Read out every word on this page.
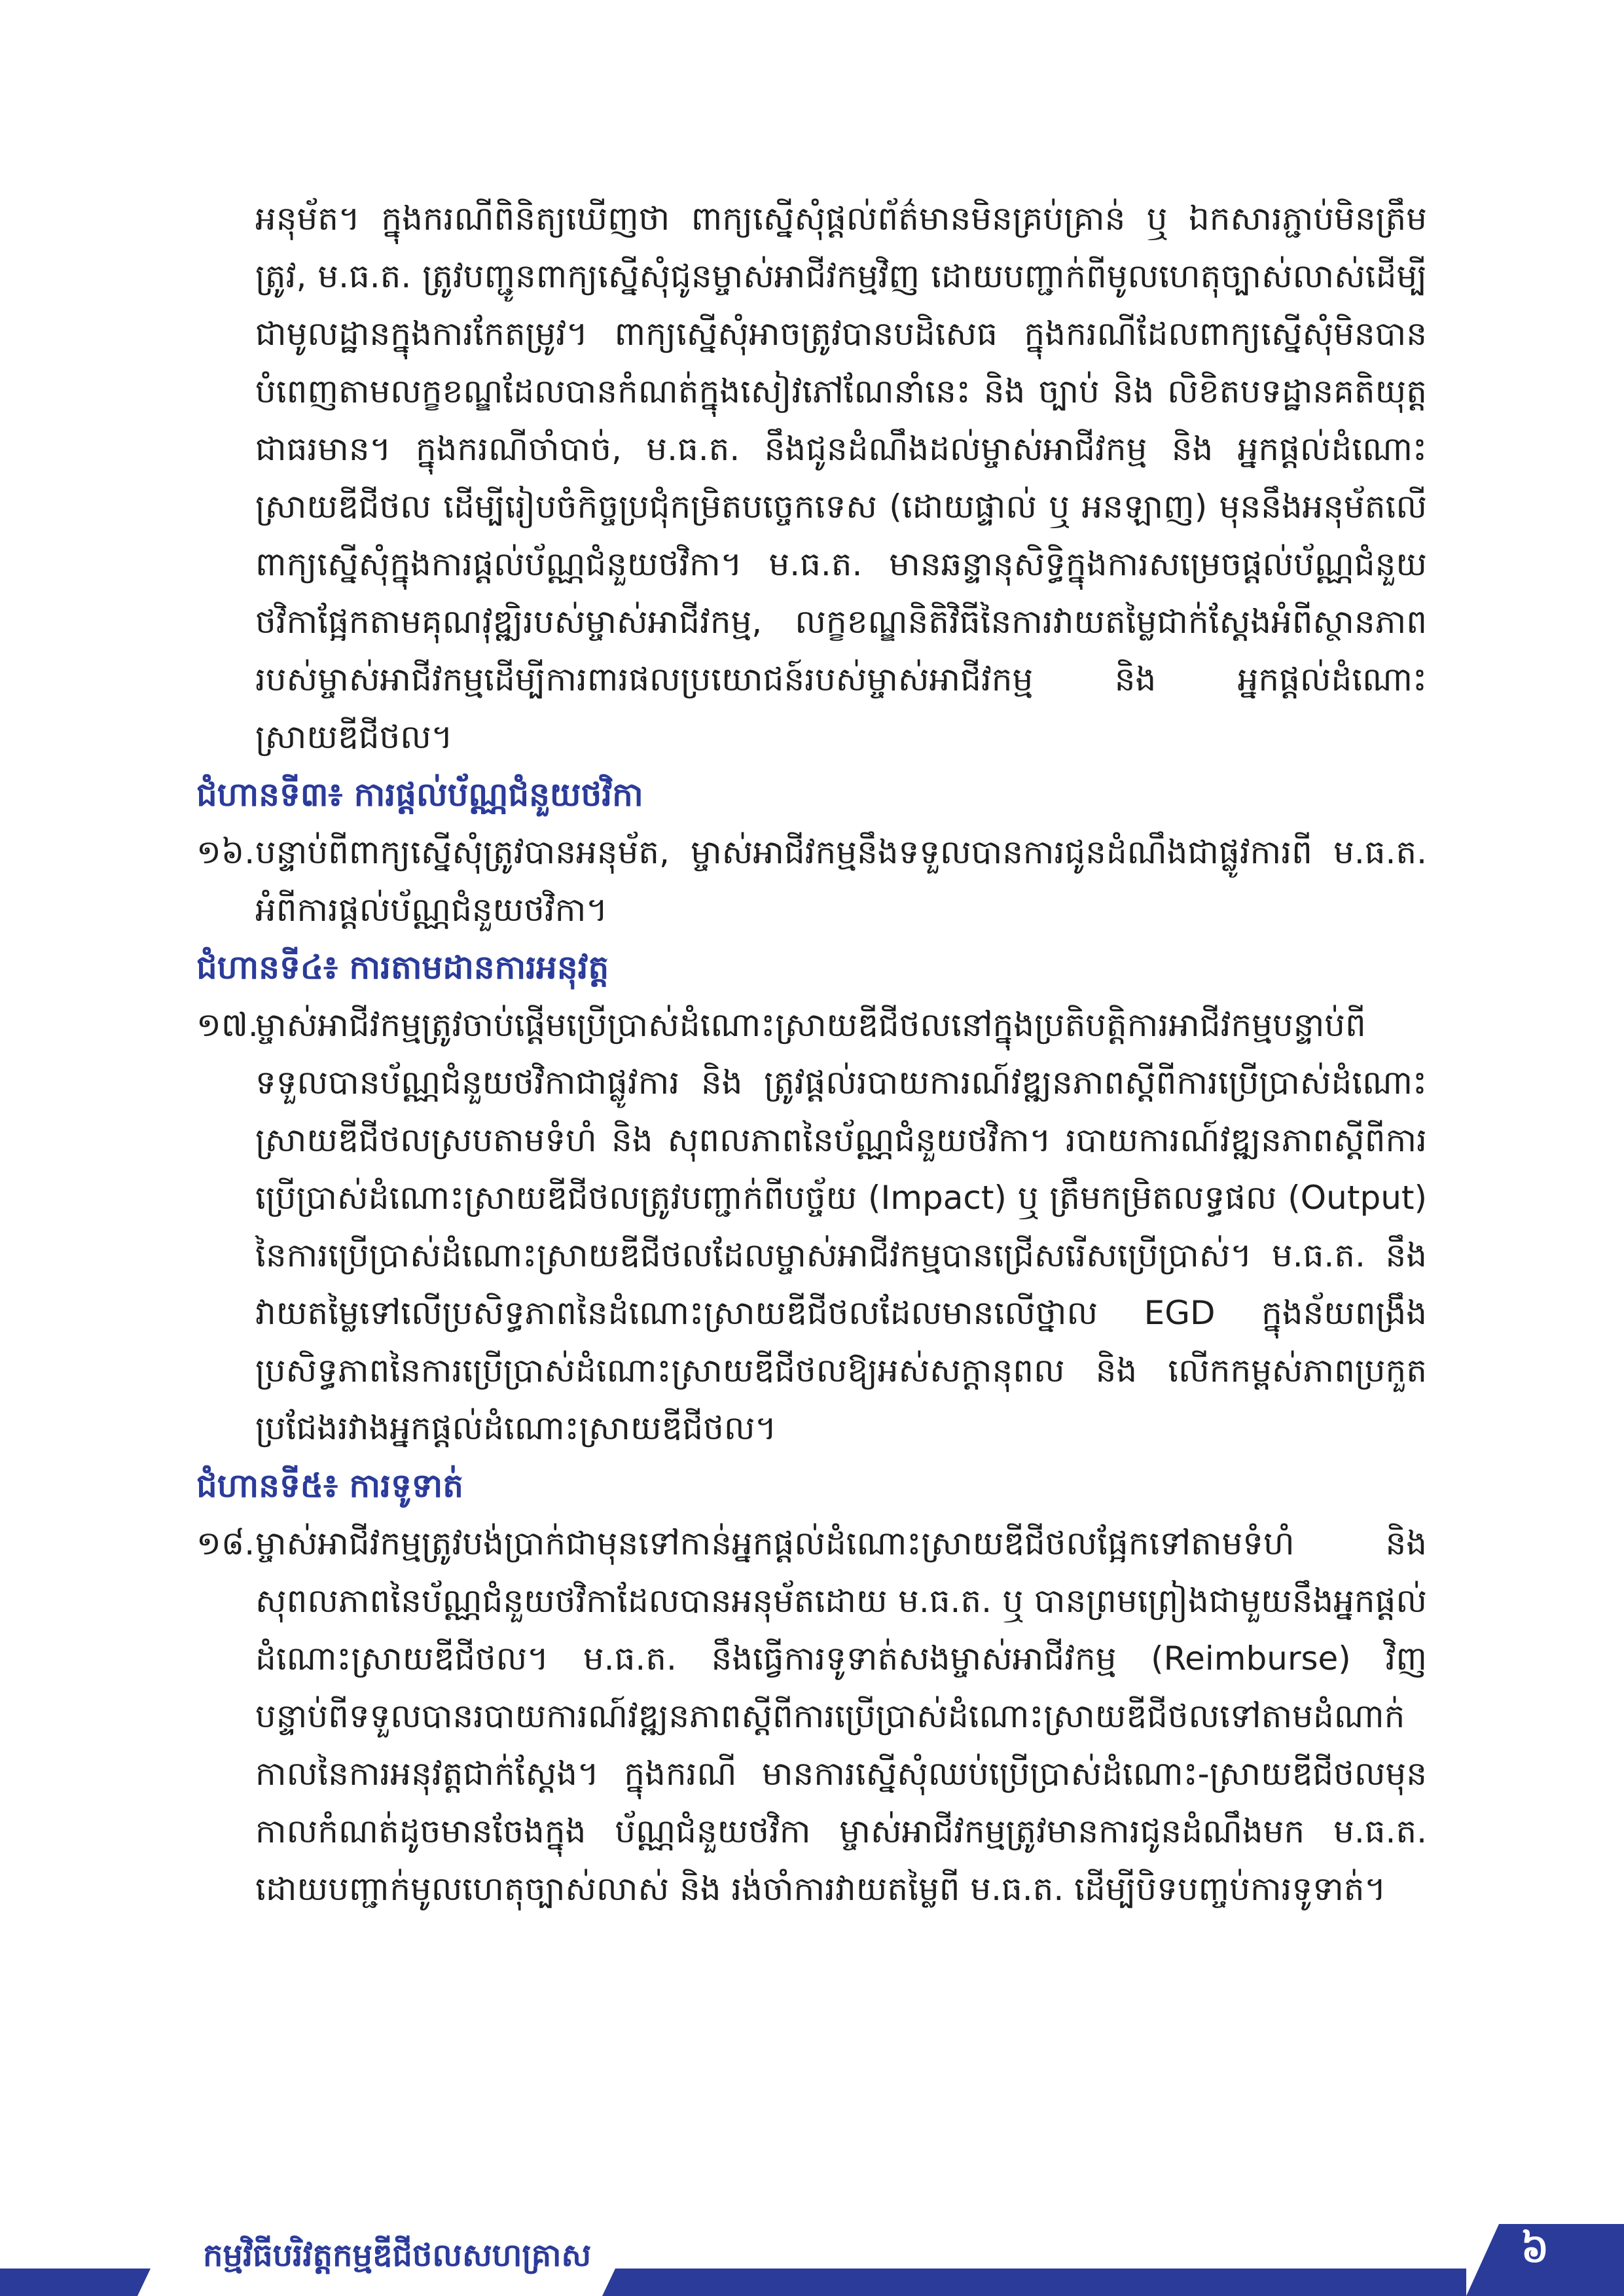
អនុម័ត។ ក្នុងករណីពិនិត្យឃើញថា ពាក្យស្នើសុំផ្តល់ព័ត៌មានមិនគ្រប់គ្រាន់ ឬ ឯកសារភ្ជាប់មិនត្រឹមត្រូវ, ម.ធ.ត. ត្រូវបញ្ជូនពាក្យស្នើសុំជូនម្ចាស់អាជីវកម្មវិញ ដោយបញ្ជាក់ពីមូលហេតុច្បាស់លាស់ដើម្បីជាមូលដ្ឋានក្នុងការកែតម្រូវ។ ពាក្យស្នើសុំអាចត្រូវបានបដិសេធ ក្នុងករណីដែលពាក្យស្នើសុំមិនបានបំពេញតាមលក្ខខណ្ឌដែលបានកំណត់ក្នុងសៀវភៅណែនាំនេះ និង ច្បាប់ និង លិខិតបទដ្ឋានគតិយុត្តជាធរមាន។ ក្នុងករណីចាំបាច់, ម.ធ.ត. នឹងជូនដំណឹងដល់ម្ចាស់អាជីវកម្ម និង អ្នកផ្តល់ដំណោះស្រាយឌីជីថល ដើម្បីរៀបចំកិច្ចប្រជុំកម្រិតបច្ចេកទេស (ដោយផ្ទាល់ ឬ អនឡាញ) មុននឹងអនុម័តលើពាក្យស្នើសុំក្នុងការផ្តល់ប័ណ្ណជំនួយថវិកា។ ម.ធ.ត. មានឆន្ទានុសិទ្ធិក្នុងការសម្រេចផ្តល់ប័ណ្ណជំនួយថវិកាផ្អែកតាមគុណវុឌ្ឍិរបស់ម្ចាស់អាជីវកម្ម, លក្ខខណ្ឌនិតិវិធីនៃការវាយតម្លៃជាក់ស្តែងអំពីស្ថានភាពរបស់ម្ចាស់អាជីវកម្មដើម្បីការពារផលប្រយោជន៍របស់ម្ចាស់អាជីវកម្ម និង អ្នកផ្តល់ដំណោះស្រាយឌីជីថល។

ជំហានទី៣៖ ការផ្តល់ប័ណ្ណជំនួយថវិកា
១៦. បន្ទាប់ពីពាក្យស្នើសុំត្រូវបានអនុម័ត, ម្ចាស់អាជីវកម្មនឹងទទួលបានការជូនដំណឹងជាផ្លូវការពី ម.ធ.ត. អំពីការផ្តល់ប័ណ្ណជំនួយថវិកា។
ជំហានទី៤៖ ការតាមដានការអនុវត្ត
១៧.
ម្ចាស់អាជីវកម្មត្រូវចាប់ផ្តើមប្រើប្រាស់ដំណោះស្រាយឌីជីថលនៅក្នុងប្រតិបត្តិការអាជីវកម្មបន្ទាប់ពីទទួលបានប័ណ្ណជំនួយថវិកាជាផ្លូវការ និង ត្រូវផ្តល់របាយការណ៍វឌ្ឍនភាពស្តីពីការប្រើប្រាស់ដំណោះស្រាយឌីជីថលស្របតាមទំហំ និង សុពលភាពនៃប័ណ្ណជំនួយថវិកា។ របាយការណ៍វឌ្ឍនភាពស្តីពីការប្រើប្រាស់ដំណោះស្រាយឌីជីថលត្រូវបញ្ជាក់ពីបច្ច័យ (Impact) ឬ ត្រឹមកម្រិតលទ្ធផល (Output) នៃការប្រើប្រាស់ដំណោះស្រាយឌីជីថលដែលម្ចាស់អាជីវកម្មបានជ្រើសរើសប្រើប្រាស់។ ម.ធ.ត. នឹងវាយតម្លៃទៅលើប្រសិទ្ធភាពនៃដំណោះស្រាយឌីជីថលដែលមានលើថ្នាល EGD ក្នុងន័យពង្រឹងប្រសិទ្ធភាពនៃការប្រើប្រាស់ដំណោះស្រាយឌីជីថលឱ្យអស់សក្តានុពល និង លើកកម្ពស់ភាពប្រកួតប្រជែងរវាងអ្នកផ្តល់ដំណោះស្រាយឌីជីថល។
ជំហានទី៥៖ ការទូទាត់
១៨. ម្ចាស់អាជីវកម្មត្រូវបង់ប្រាក់ជាមុនទៅកាន់អ្នកផ្តល់ដំណោះស្រាយឌីជីថលផ្អែកទៅតាមទំហំ និង សុពលភាពនៃប័ណ្ណជំនួយថវិកាដែលបានអនុម័តដោយ ម.ធ.ត. ឬ បានព្រមព្រៀងជាមួយនឹងអ្នកផ្តល់ដំណោះស្រាយឌីជីថល។ ម.ធ.ត. នឹងធ្វើការទូទាត់សងម្ចាស់អាជីវកម្ម (Reimburse) វិញ បន្ទាប់ពីទទួលបានរបាយការណ៍វឌ្ឍនភាពស្តីពីការប្រើប្រាស់ដំណោះស្រាយឌីជីថលទៅតាមដំណាក់កាលនៃការអនុវត្តជាក់ស្តែង។ ក្នុងករណី មានការស្នើសុំឈប់ប្រើប្រាស់ដំណោះ-ស្រាយឌីជីថលមុនកាលកំណត់ដូចមានចែងក្នុង ប័ណ្ណជំនួយថវិកា ម្ចាស់អាជីវកម្មត្រូវមានការជូនដំណឹងមក ម.ធ.ត. ដោយបញ្ជាក់មូលហេតុច្បាស់លាស់ និង រង់ចាំការវាយតម្លៃពី ម.ធ.ត. ដើម្បីបិទបញ្ចប់ការទូទាត់។
កម្មវិធីបរិវត្តកម្មឌីជីថលសហគ្រាស	៦
